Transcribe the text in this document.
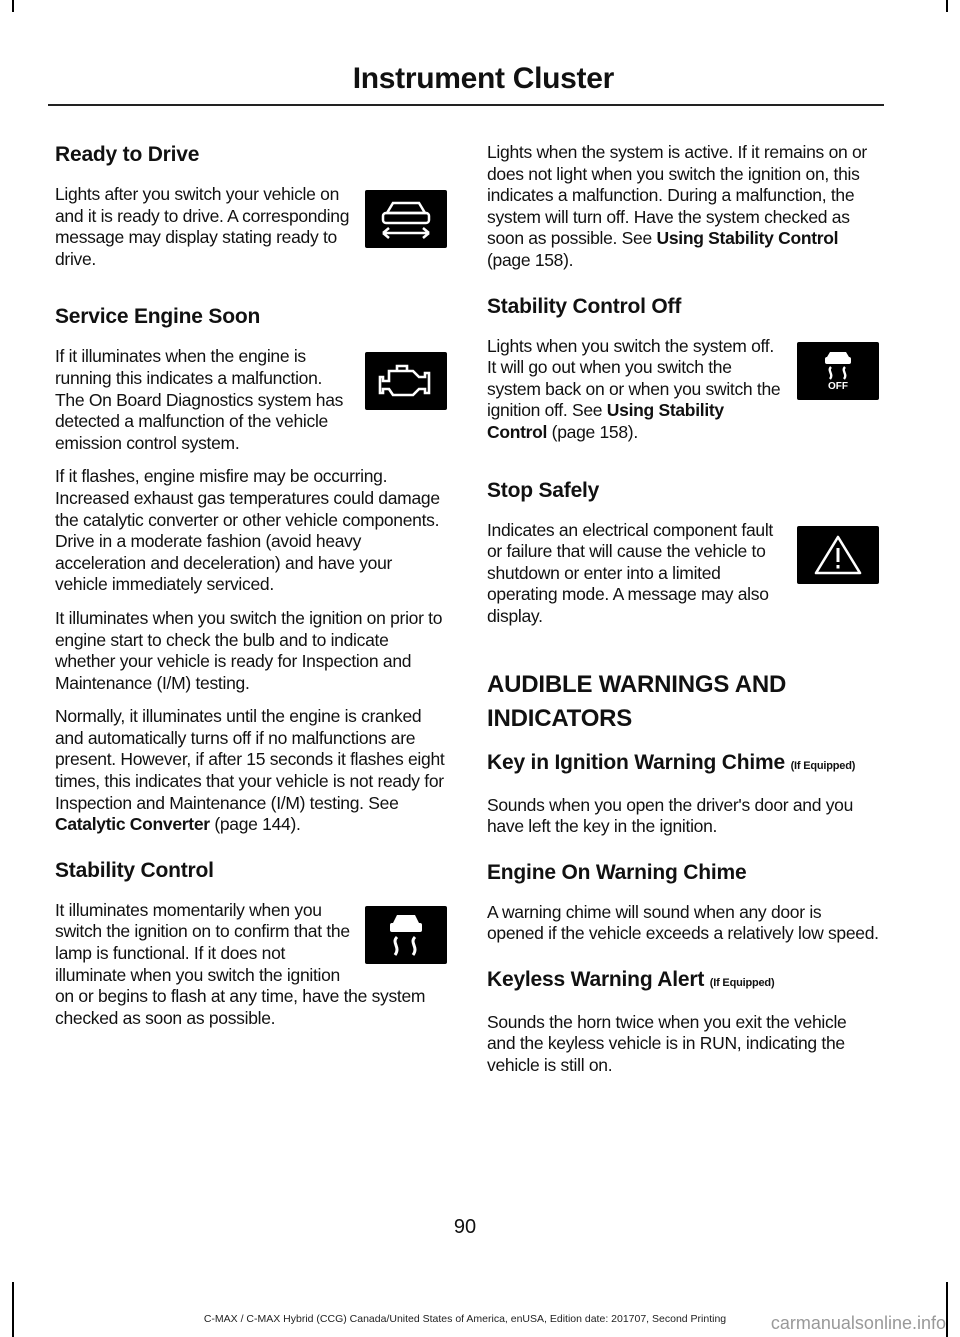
Instrument Cluster
Ready to Drive

Lights after you switch your vehicle on and it is ready to drive. A corresponding message may display stating ready to drive.

Service Engine Soon

If it illuminates when the engine is running this indicates a malfunction. The On Board Diagnostics system has detected a malfunction of the vehicle emission control system.

If it flashes, engine misfire may be occurring. Increased exhaust gas temperatures could damage the catalytic converter or other vehicle components. Drive in a moderate fashion (avoid heavy acceleration and deceleration) and have your vehicle immediately serviced.

It illuminates when you switch the ignition on prior to engine start to check the bulb and to indicate whether your vehicle is ready for Inspection and Maintenance (I/M) testing.

Normally, it illuminates until the engine is cranked and automatically turns off if no malfunctions are present. However, if after 15 seconds it flashes eight times, this indicates that your vehicle is not ready for Inspection and Maintenance (I/M) testing. See Catalytic Converter (page 144).

Stability Control

It illuminates momentarily when you switch the ignition on to confirm that the lamp is functional. If it does not illuminate when you switch the ignition on or begins to flash at any time, have the system checked as soon as possible.

Lights when the system is active. If it remains on or does not light when you switch the ignition on, this indicates a malfunction. During a malfunction, the system will turn off. Have the system checked as soon as possible. See Using Stability Control (page 158).

Stability Control Off
OFF

Lights when you switch the system off. It will go out when you switch the system back on or when you switch the ignition off. See Using Stability Control (page 158).

Stop Safely

Indicates an electrical component fault or failure that will cause the vehicle to shutdown or enter into a limited operating mode. A message may also display.

AUDIBLE WARNINGS AND
INDICATORS
Key in Ignition Warning Chime (If Equipped)

Sounds when you open the driver's door and you have left the key in the ignition.

Engine On Warning Chime

A warning chime will sound when any door is opened if the vehicle exceeds a relatively low speed.

Keyless Warning Alert (If Equipped)

Sounds the horn twice when you exit the vehicle and the keyless vehicle is in RUN, indicating the vehicle is still on.

90
C-MAX / C-MAX Hybrid (CCG) Canada/United States of America, enUSA, Edition date: 201707, Second Printing	carmanualsonline.info
